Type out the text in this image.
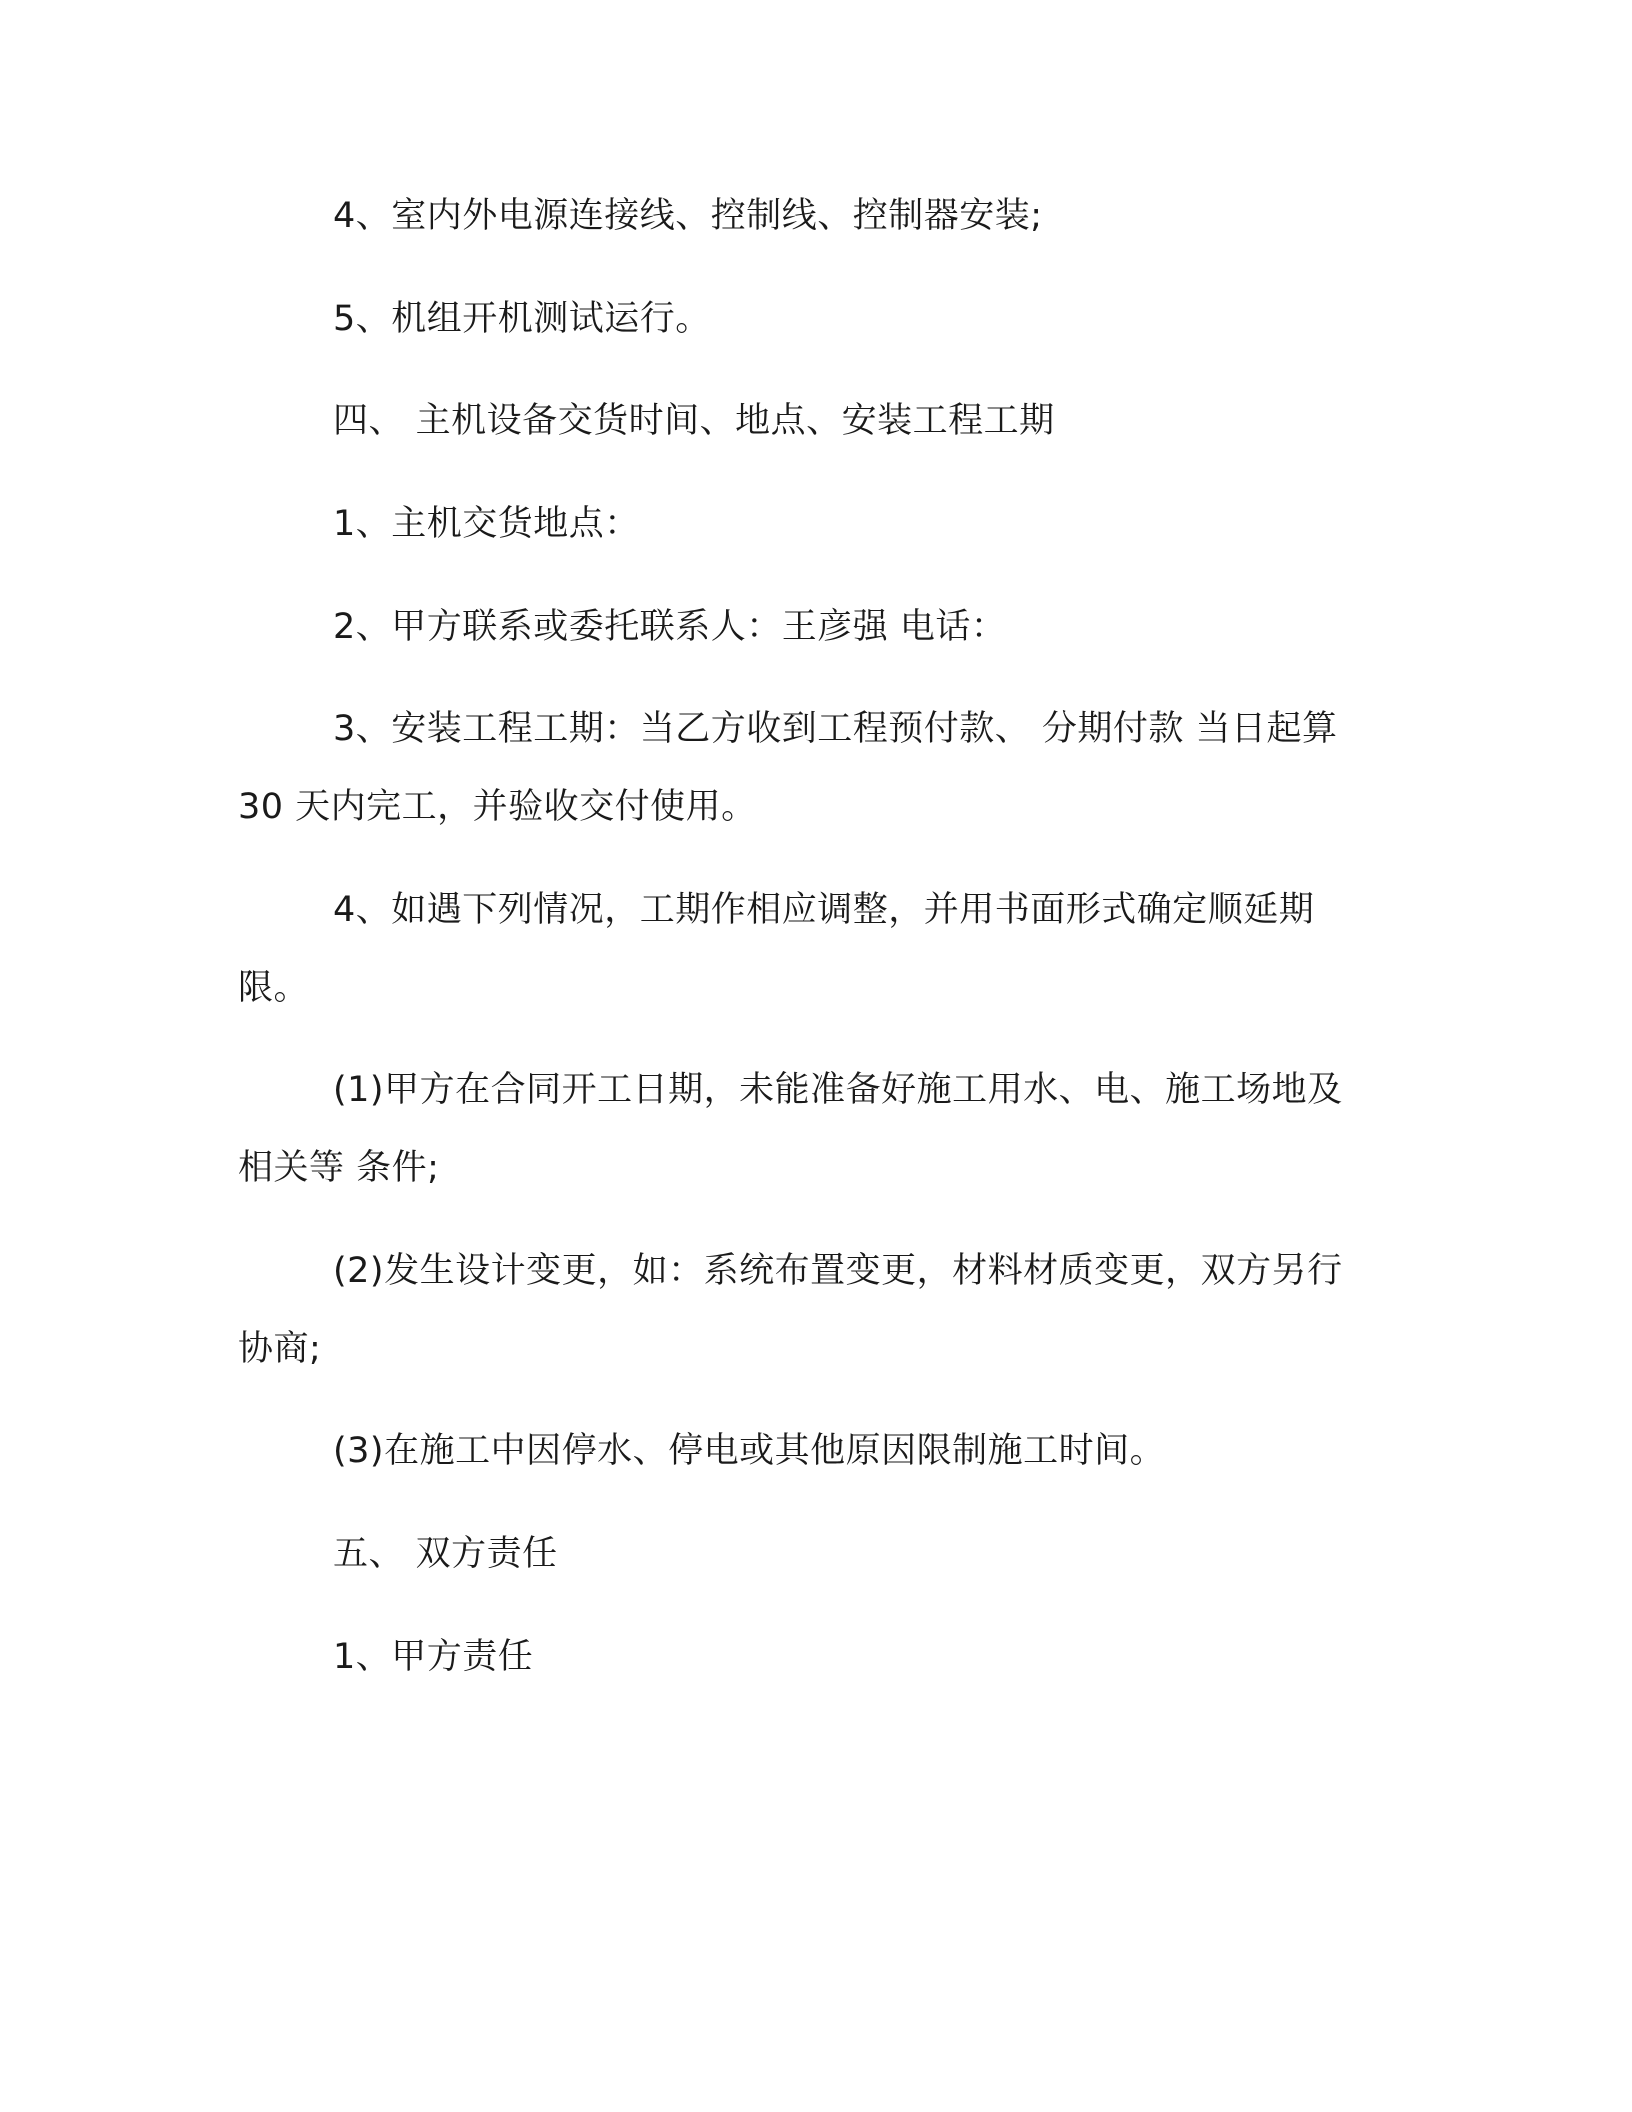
4、室内外电源连接线、控制线、控制器安装;
5、机组开机测试运行。
四、 主机设备交货时间、地点、安装工程工期
1、主机交货地点：
2、甲方联系或委托联系人：王彦强 电话：
3、安装工程工期：当乙方收到工程预付款、 分期付款 当日起算
30 天内完工，并验收交付使用。
4、如遇下列情况，工期作相应调整，并用书面形式确定顺延期
限。
(1)甲方在合同开工日期，未能准备好施工用水、电、施工场地及
相关等 条件;
(2)发生设计变更，如：系统布置变更，材料材质变更，双方另行
协商;
(3)在施工中因停水、停电或其他原因限制施工时间。
五、 双方责任
1、甲方责任
